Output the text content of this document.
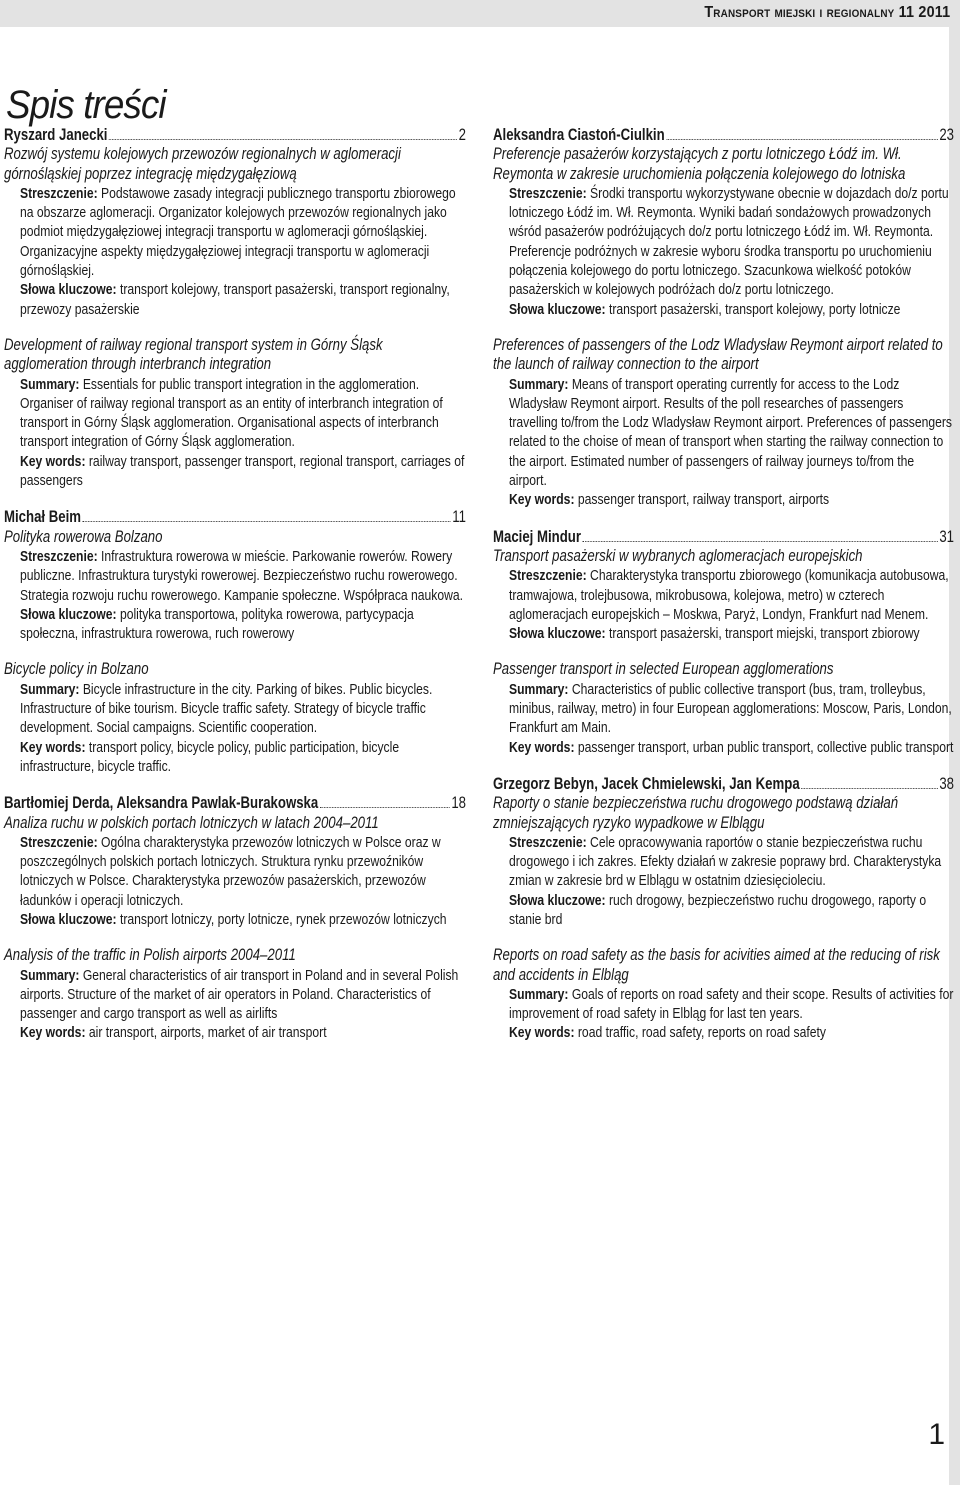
Transport miejski i regionalny 11 2011
Spis treści
Ryszard Janecki	2

Rozwój systemu kolejowych przewozów regionalnych w aglomeracji górnośląskiej poprzez integrację międzygałęziową

Streszczenie: Podstawowe zasady integracji publicznego transportu zbiorowego na obszarze aglomeracji. Organizator kolejowych przewozów regionalnych jako podmiot międzygałęziowej integracji transportu w aglomeracji górnośląskiej. Organizacyjne aspekty międzygałęziowej integracji transportu w aglomeracji górnośląskiej.
Słowa kluczowe: transport kolejowy, transport pasażerski, transport regionalny, przewozy pasażerskie

Development of railway regional transport system in Górny Śląsk agglomeration through interbranch integration

Summary: Essentials for public transport integration in the agglomeration. Organiser of railway regional transport as an entity of interbranch integration of transport in Górny Śląsk agglomeration. Organisational aspects of interbranch transport integration of Górny Śląsk agglomeration.
Key words: railway transport, passenger transport, regional transport, carriages of passengers
Michał Beim	11

Polityka rowerowa Bolzano

Streszczenie: Infrastruktura rowerowa w mieście. Parkowanie rowerów. Rowery publiczne. Infrastruktura turystyki rowerowej. Bezpieczeństwo ruchu rowerowego. Strategia rozwoju ruchu rowerowego. Kampanie społeczne. Współpraca naukowa.
Słowa kluczowe: polityka transportowa, polityka rowerowa, partycypacja społeczna, infrastruktura rowerowa, ruch rowerowy

Bicycle policy in Bolzano

Summary: Bicycle infrastructure in the city. Parking of bikes. Public bicycles. Infrastructure of bike tourism. Bicycle traffic safety. Strategy of bicycle traffic development. Social campaigns. Scientific cooperation.
Key words: transport policy, bicycle policy, public participation, bicycle infrastructure, bicycle traffic.
Bartłomiej Derda, Aleksandra Pawlak-Burakowska	18

Analiza ruchu w polskich portach lotniczych w latach 2004–2011

Streszczenie: Ogólna charakterystyka przewozów lotniczych w Polsce oraz w poszczególnych polskich portach lotniczych. Struktura rynku przewoźników lotniczych w Polsce. Charakterystyka przewozów pasażerskich, przewozów ładunków i operacji lotniczych.
Słowa kluczowe: transport lotniczy, porty lotnicze, rynek przewozów lotniczych

Analysis of the traffic in Polish airports 2004–2011

Summary: General characteristics of air transport in Poland and in several Polish airports. Structure of the market of air operators in Poland. Characteristics of passenger and cargo transport as well as airlifts
Key words: air transport, airports, market of air transport
Aleksandra Ciastoń-Ciulkin	23

Preferencje pasażerów korzystających z portu lotniczego Łódź im. Wł. Reymonta w zakresie uruchomienia połączenia kolejowego do lotniska

Streszczenie: Środki transportu wykorzystywane obecnie w dojazdach do/z portu lotniczego Łódź im. Wł. Reymonta. Wyniki badań sondażowych prowadzonych wśród pasażerów podróżujących do/z portu lotniczego Łódź im. Wł. Reymonta. Preferencje podróżnych w zakresie wyboru środka transportu po uruchomieniu połączenia kolejowego do portu lotniczego. Szacunkowa wielkość potoków pasażerskich w kolejowych podróżach do/z portu lotniczego.
Słowa kluczowe: transport pasażerski, transport kolejowy, porty lotnicze

Preferences of passengers of the Lodz Wladysław Reymont airport related to the launch of railway connection to the airport

Summary: Means of transport operating currently for access to the Lodz Wladysław Reymont airport. Results of the poll researches of passengers travelling to/from the Lodz Wladysław Reymont airport. Preferences of passengers related to the choise of mean of transport when starting the railway connection to the airport. Estimated number of passengers of railway journeys to/from the airport.
Key words: passenger transport, railway transport, airports
Maciej Mindur	31

Transport pasażerski w wybranych aglomeracjach europejskich

Streszczenie: Charakterystyka transportu zbiorowego (komunikacja autobusowa, tramwajowa, trolejbusowa, mikrobusowa, kolejowa, metro) w czterech aglomeracjach europejskich – Moskwa, Paryż, Londyn, Frankfurt nad Menem.
Słowa kluczowe: transport pasażerski, transport miejski, transport zbiorowy

Passenger transport in selected European agglomerations

Summary: Characteristics of public collective transport (bus, tram, trolleybus, minibus, railway, metro) in four European agglomerations: Moscow, Paris, London, Frankfurt am Main.
Key words: passenger transport, urban public transport, collective public transport
Grzegorz Bebyn, Jacek Chmielewski, Jan Kempa	38

Raporty o stanie bezpieczeństwa ruchu drogowego podstawą działań zmniejszających ryzyko wypadkowe w Elblągu

Streszczenie: Cele opracowywania raportów o stanie bezpieczeństwa ruchu drogowego i ich zakres. Efekty działań w zakresie poprawy brd. Charakterystyka zmian w zakresie brd w Elblągu w ostatnim dziesięcioleciu.
Słowa kluczowe: ruch drogowy, bezpieczeństwo ruchu drogowego, raporty o stanie brd

Reports on road safety as the basis for acivities aimed at the reducing of risk and accidents in Elbląg

Summary: Goals of reports on road safety and their scope. Results of activities for improvement of road safety in Elbląg for last ten years.
Key words: road traffic, road safety, reports on road safety
1
